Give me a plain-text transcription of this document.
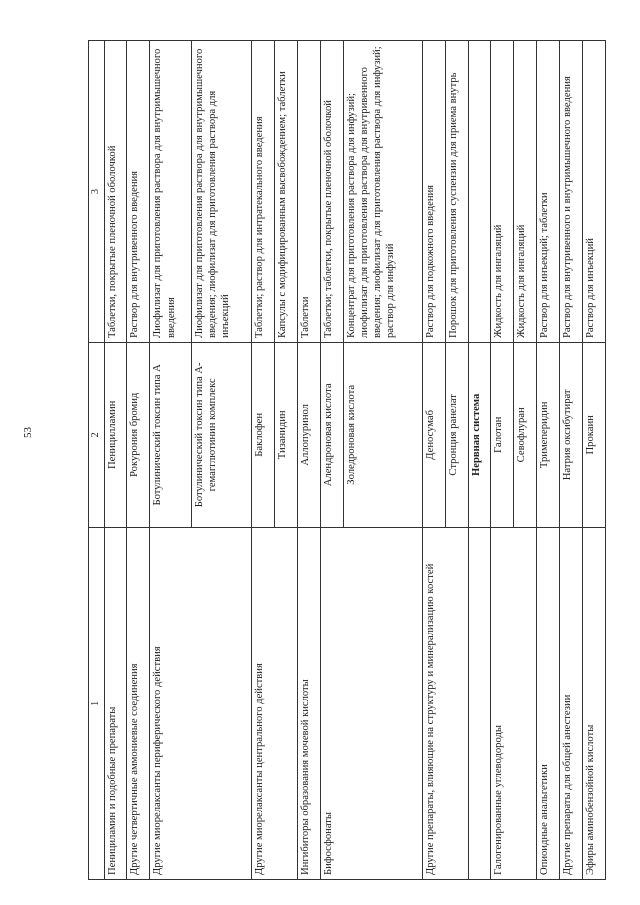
53
1	2	3
Пенициламин и подобные препараты	Пеницилламин	Таблетки, покрытые пленочной оболочкой
Другие четвертичные аммониевые соединения	Рокурония бромид	Раствор для внутривенного введения
Другие миорелаксанты периферического действия	Ботулинический токсин типа А	Лиофилизат для приготовления раствора для внутримышечного введения
	Ботулинический токсин типа А-гемагглютинин комплекс	Лиофилизат для приготовления раствора для внутримышечного введения; лиофилизат для приготовления раствора для инъекций
Другие миорелаксанты центрального действия	Баклофен	Таблетки; раствор для интратекального введения
	Тизанидин	Капсулы с модифицированным высвобождением; таблетки
Ингибиторы образования мочевой кислоты	Аллопуринол	Таблетки
Бифосфонаты	Алендроновая кислота	Таблетки; таблетки, покрытые пленочной оболочкой
	Золедроновая кислота	Концентрат для приготовления раствора для инфузий; лиофилизат для приготовления раствора для внутривенного введения; лиофилизат для приготовления раствора для инфузий; раствор для инфузий
Другие препараты, влияющие на структуру и минерализацию костей	Деносумаб	Раствор для подкожного введения
	Стронция ранелат	Порошок для приготовления суспензии для приема внутрь
	Нервная система	
Галогенированные углеводороды	Галотан	Жидкость для ингаляций
	Севофлуран	Жидкость для ингаляций
Опиоидные анальгетики	Тримеперидин	Раствор для инъекций; таблетки
Другие препараты для общей анестезии	Натрия оксибутират	Раствор для внутривенного и внутримышечного введения
Эфиры аминобензойной кислоты	Прокаин	Раствор для инъекций
